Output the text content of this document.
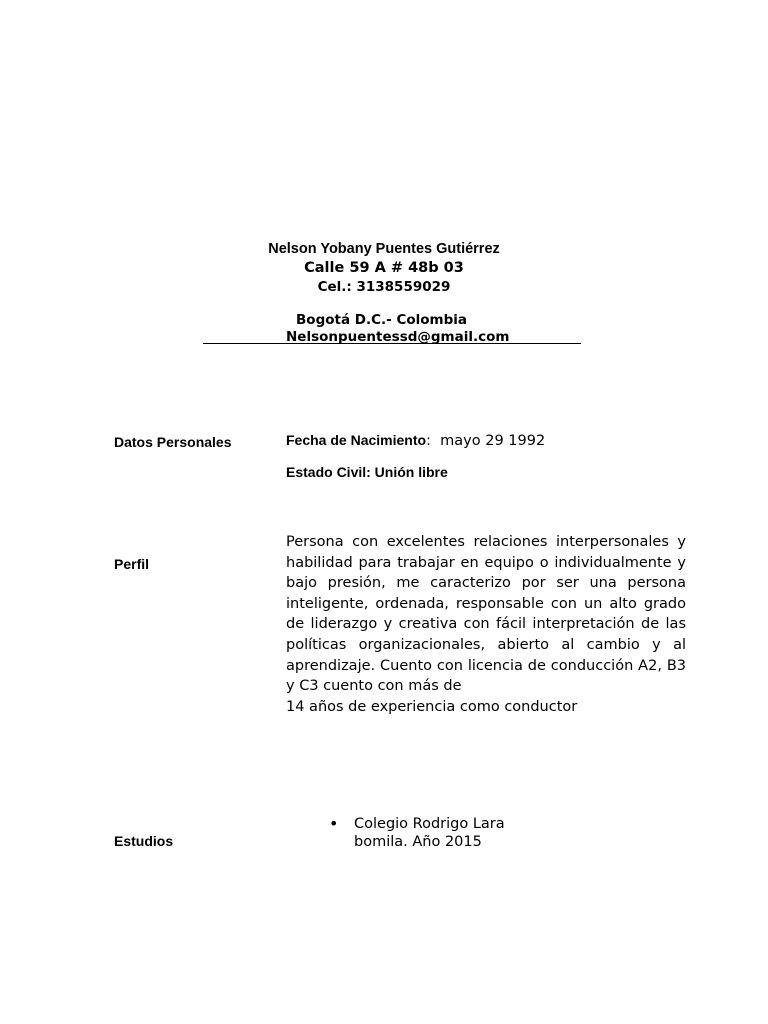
Nelson Yobany Puentes Gutiérrez
Calle 59 A # 48b 03
Cel.: 3138559029
Bogotá D.C.- Colombia
Nelsonpuentessd@gmail.com
Datos Personales	Fecha de Nacimiento: mayo 29 1992
Estado Civil: Unión libre
Perfil
Persona con excelentes relaciones interpersonales y habilidad para trabajar en equipo o individualmente y bajo presión, me caracterizo por ser una persona inteligente, ordenada, responsable con un alto grado de liderazgo y creativa con fácil interpretación de las políticas organizacionales, abierto al cambio y al aprendizaje. Cuento con licencia de conducción A2, B3 y C3 cuento con más de
14 años de experiencia como conductor
Estudios
• Colegio Rodrigo Lara bomila. Año 2015
